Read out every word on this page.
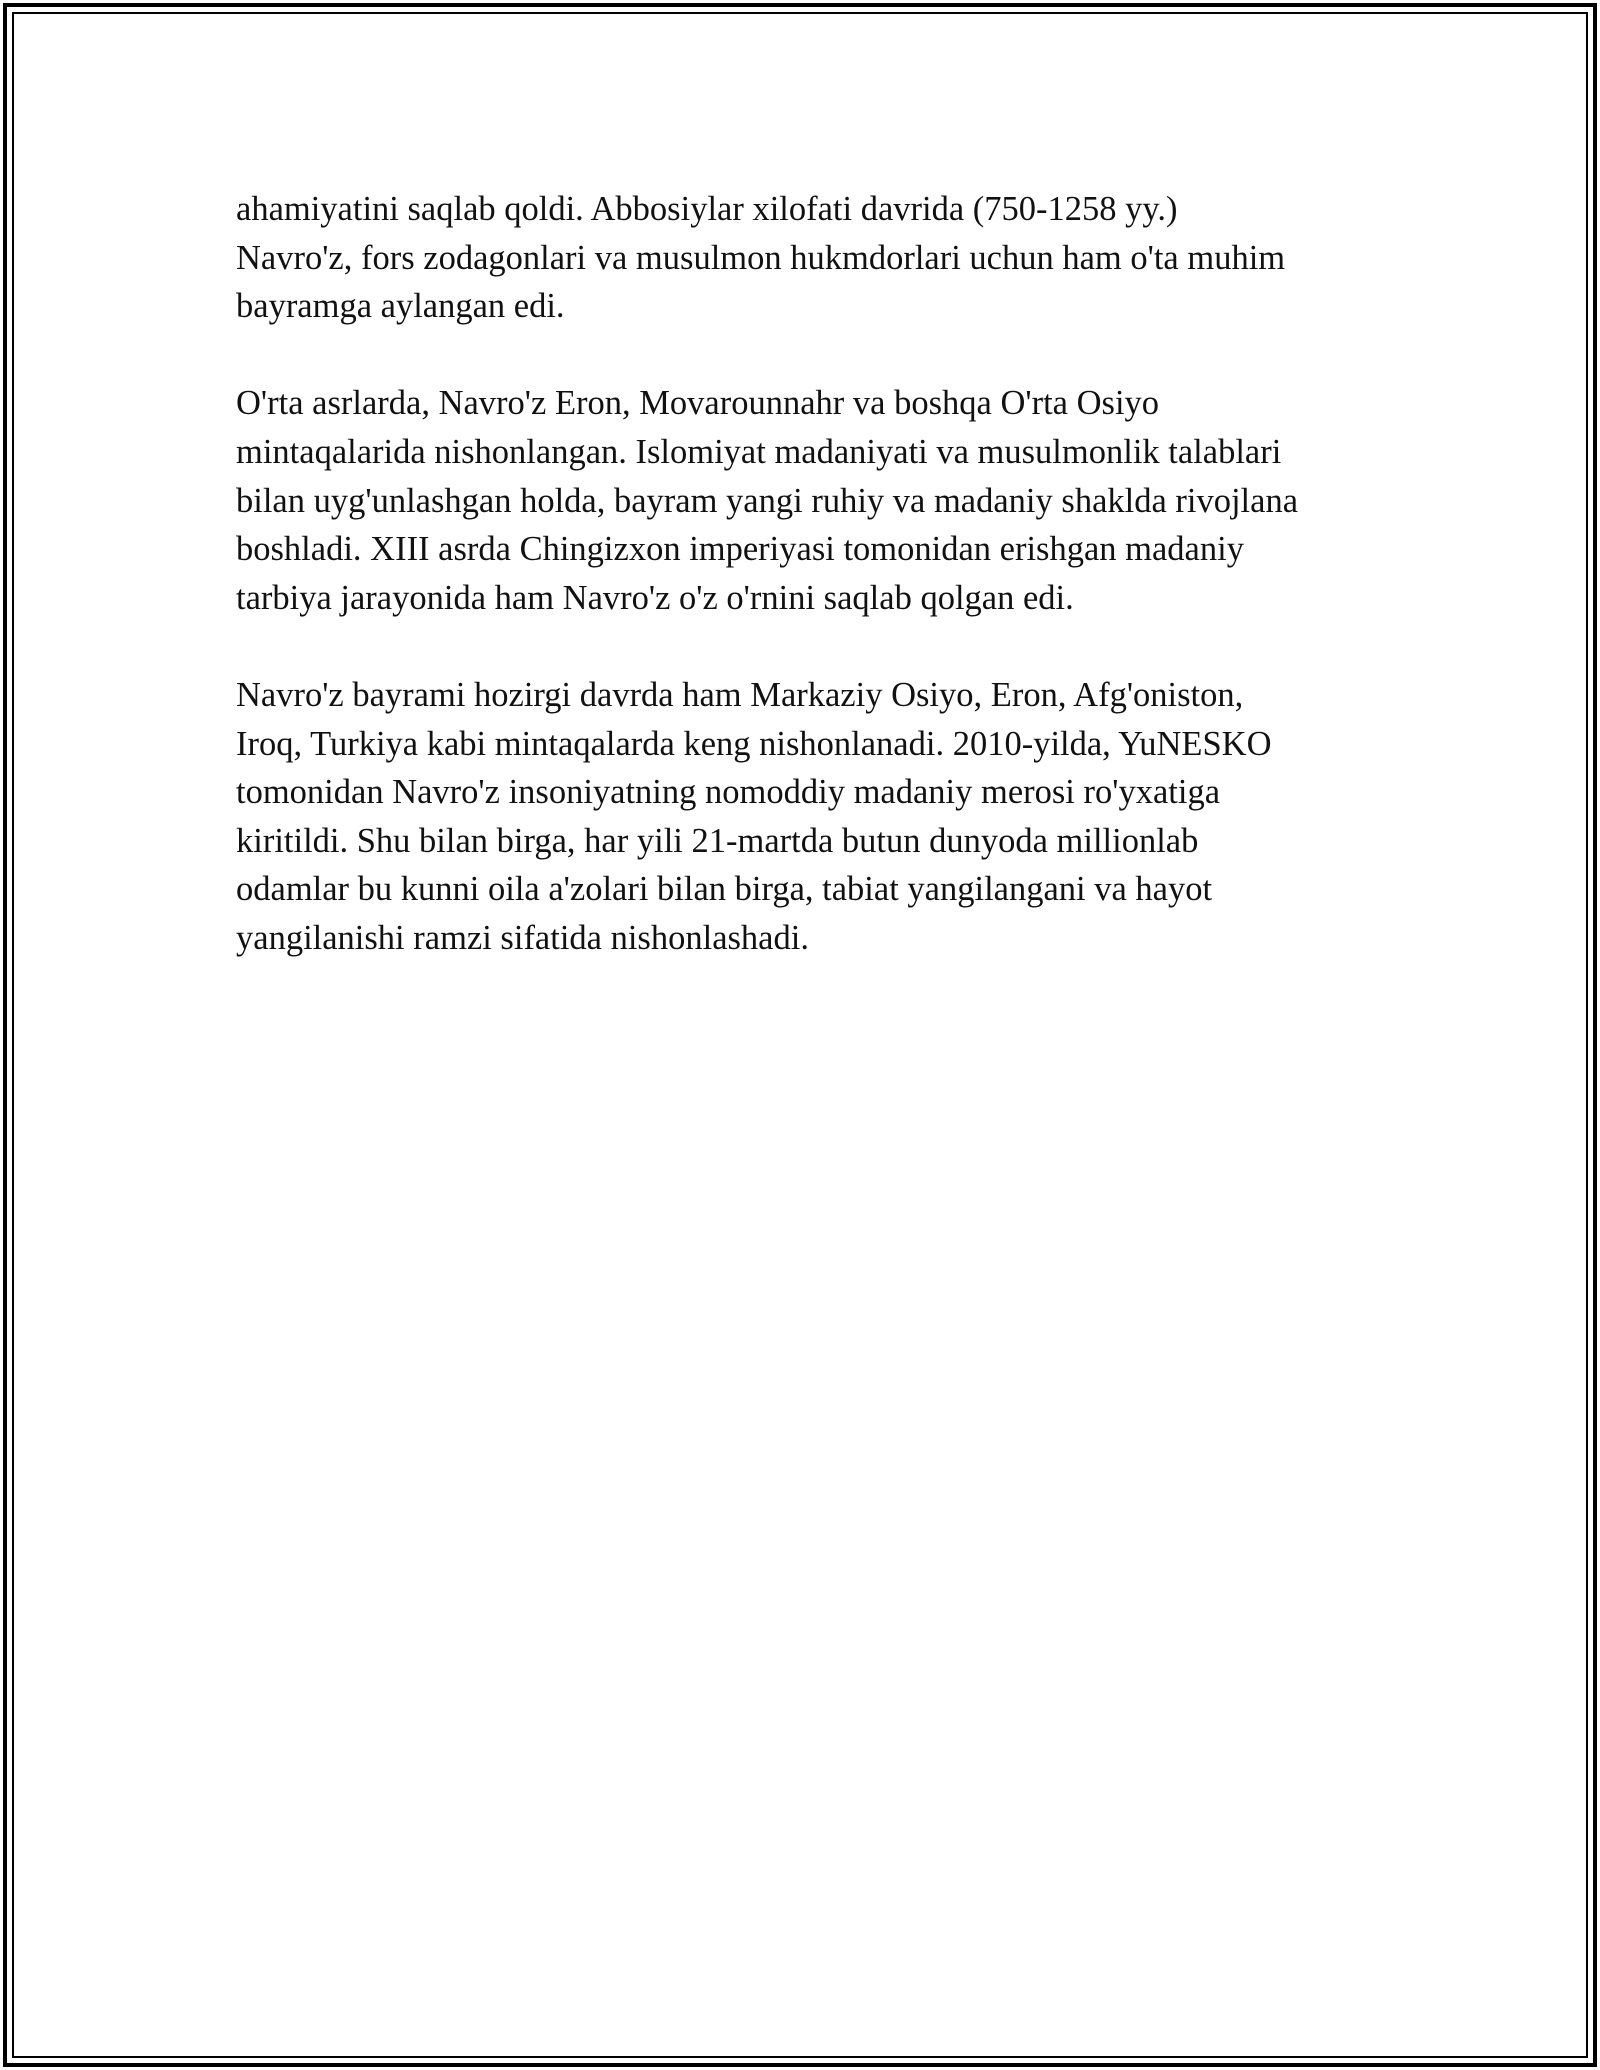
ahamiyatini saqlab qoldi. Abbosiylar xilofati davrida (750-1258 yy.)
Navro'z, fors zodagonlari va musulmon hukmdorlari uchun ham o'ta muhim
bayramga aylangan edi.

O'rta asrlarda, Navro'z Eron, Movarounnahr va boshqa O'rta Osiyo
mintaqalarida nishonlangan. Islomiyat madaniyati va musulmonlik talablari
bilan uyg'unlashgan holda, bayram yangi ruhiy va madaniy shaklda rivojlana
boshladi. XIII asrda Chingizxon imperiyasi tomonidan erishgan madaniy
tarbiya jarayonida ham Navro'z o'z o'rnini saqlab qolgan edi.

Navro'z bayrami hozirgi davrda ham Markaziy Osiyo, Eron, Afg'oniston,
Iroq, Turkiya kabi mintaqalarda keng nishonlanadi. 2010-yilda, YuNESKO
tomonidan Navro'z insoniyatning nomoddiy madaniy merosi ro'yxatiga
kiritildi. Shu bilan birga, har yili 21-martda butun dunyoda millionlab
odamlar bu kunni oila a'zolari bilan birga, tabiat yangilangani va hayot
yangilanishi ramzi sifatida nishonlashadi.
